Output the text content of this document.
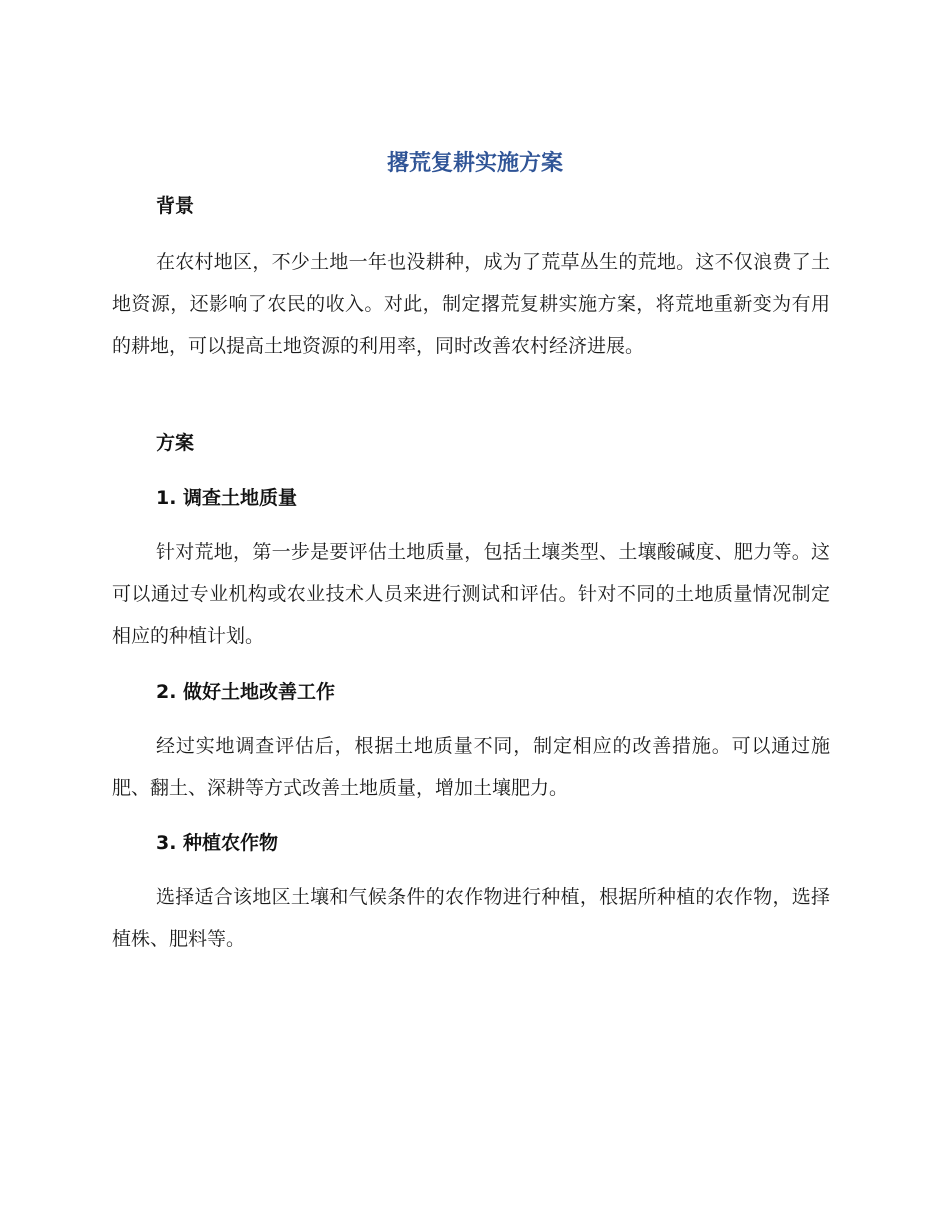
撂荒复耕实施方案
背景

在农村地区，不少土地一年也没耕种，成为了荒草丛生的荒地。这不仅浪费了土地资源，还影响了农民的收入。对此，制定撂荒复耕实施方案，将荒地重新变为有用的耕地，可以提高土地资源的利用率，同时改善农村经济进展。

方案
1. 调查土地质量

针对荒地，第一步是要评估土地质量，包括土壤类型、土壤酸碱度、肥力等。这可以通过专业机构或农业技术人员来进行测试和评估。针对不同的土地质量情况制定相应的种植计划。

2. 做好土地改善工作

经过实地调查评估后，根据土地质量不同，制定相应的改善措施。可以通过施肥、翻土、深耕等方式改善土地质量，增加土壤肥力。

3. 种植农作物

选择适合该地区土壤和气候条件的农作物进行种植，根据所种植的农作物，选择植株、肥料等。
